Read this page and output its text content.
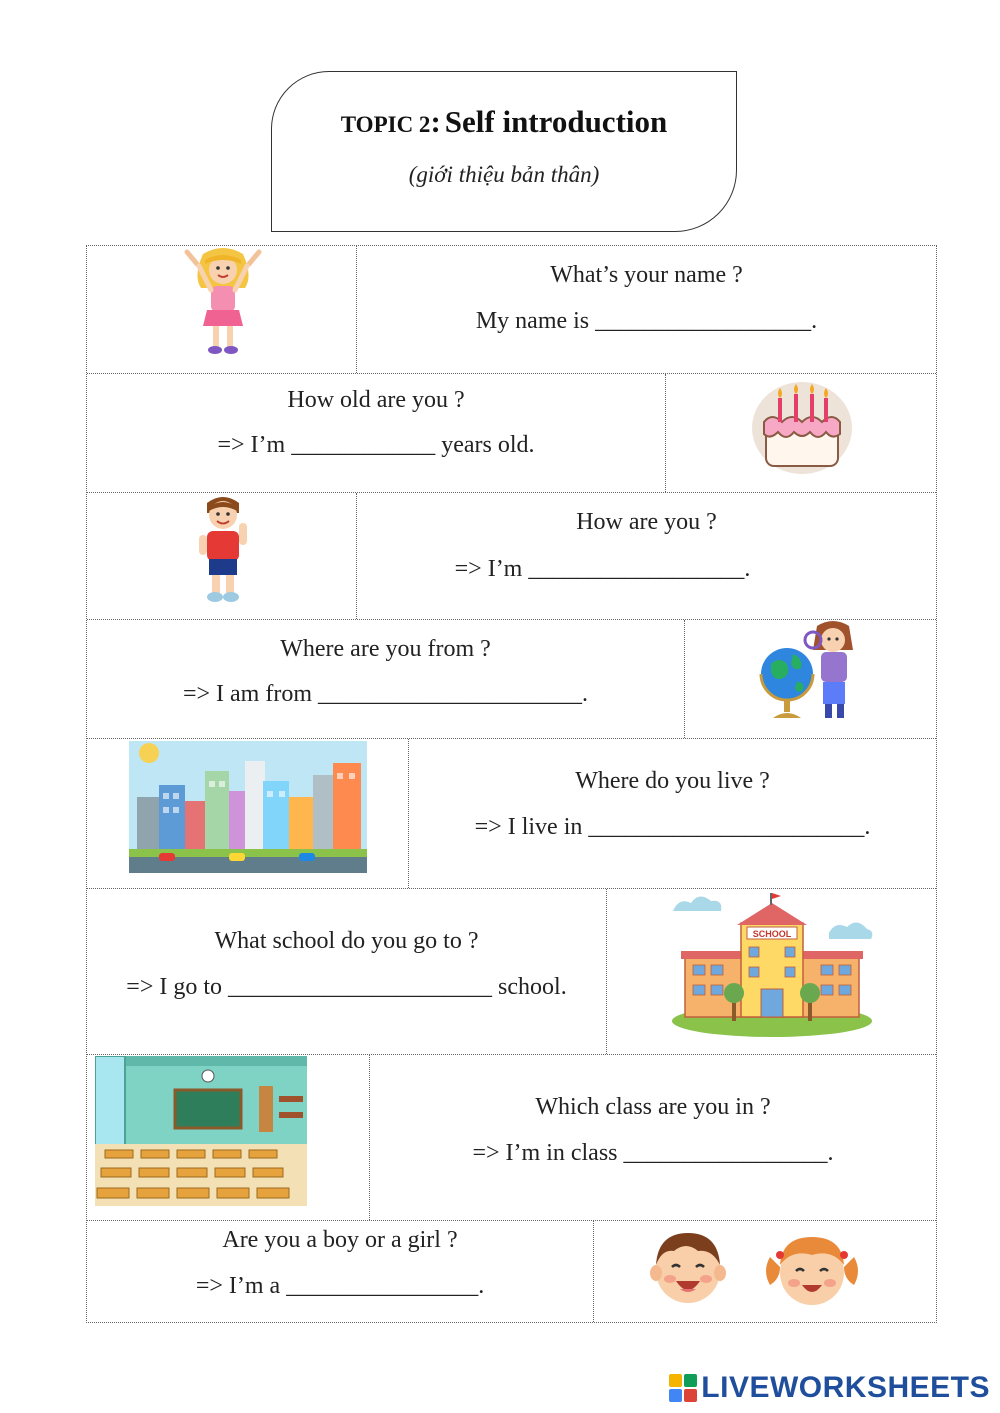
TOPIC 2: Self introduction
(giới thiệu bản thân)
What’s your name ?
My name is __________________.
How old are you ?
=> I’m ____________ years old.
How are you ?
=> I’m __________________.
Where are you from ?
=> I am from ______________________.
Where do you live ?
=> I live in _______________________.
What school do you go to ?
=> I go to ______________________ school.
SCHOOL
Which class are you in ?
=> I’m in class _________________.
Are you a boy or a girl ?
=> I’m a ________________.
LIVEWORKSHEETS
